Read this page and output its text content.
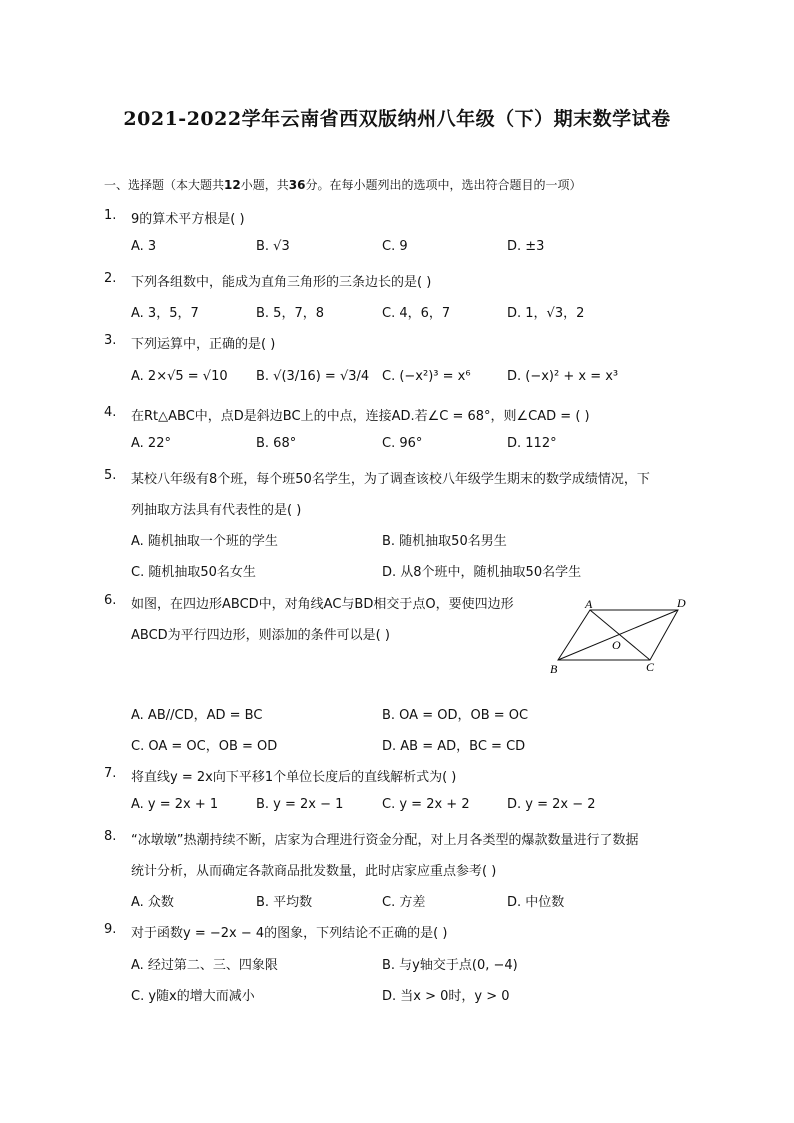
2021-2022学年云南省西双版纳州八年级（下）期末数学试卷
一、选择题（本大题共12小题，共36分。在每小题列出的选项中，选出符合题目的一项）
1.	9的算术平方根是( )
A. 3	B. √3	C. 9	D. ±3
2.	下列各组数中，能成为直角三角形的三条边长的是( )
A. 3，5，7	B. 5，7，8	C. 4，6，7	D. 1，√3，2
3.	下列运算中，正确的是( )
A. 2×√5 = √10 B. √(3/16) = √3/4 C. (−x²)³ = x⁶	D. (−x)² + x = x³
4.	在Rt△ABC中，点D是斜边BC上的中点，连接AD.若∠C = 68°，则∠CAD = ( )
A. 22°	B. 68°	C. 96°	D. 112°
5.	某校八年级有8个班，每个班50名学生，为了调查该校八年级学生期末的数学成绩情况，下
列抽取方法具有代表性的是( )
A. 随机抽取一个班的学生	B. 随机抽取50名男生
C. 随机抽取50名女生	D. 从8个班中，随机抽取50名学生
6.	如图，在四边形ABCD中，对角线AC与BD相交于点O，要使四边形
ABCD为平行四边形，则添加的条件可以是( )
A. AB//CD，AD = BC	B. OA = OD，OB = OC
C. OA = OC，OB = OD	D. AB = AD，BC = CD
A	D
O
B	C
7.	将直线y = 2x向下平移1个单位长度后的直线解析式为( )
A. y = 2x + 1	B. y = 2x − 1	C. y = 2x + 2	D. y = 2x − 2
8.	“冰墩墩”热潮持续不断，店家为合理进行资金分配，对上月各类型的爆款数量进行了数据
统计分析，从而确定各款商品批发数量，此时店家应重点参考( )
A. 众数	B. 平均数	C. 方差	D. 中位数
9.	对于函数y = −2x − 4的图象，下列结论不正确的是( )
A. 经过第二、三、四象限	B. 与y轴交于点(0, −4)
C. y随x的增大而减小	D. 当x > 0时，y > 0
